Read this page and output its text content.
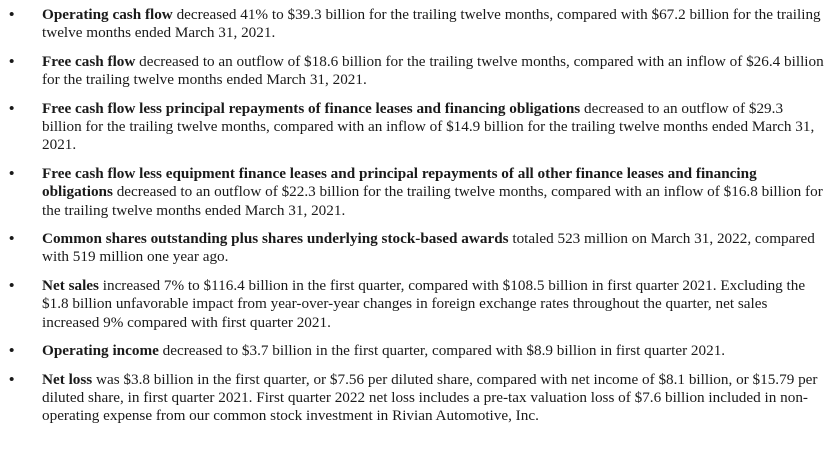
• Operating cash flow decreased 41% to $39.3 billion for the trailing twelve months, compared with $67.2 billion for the trailing twelve months ended March 31, 2021.
• Free cash flow decreased to an outflow of $18.6 billion for the trailing twelve months, compared with an inflow of $26.4 billion for the trailing twelve months ended March 31, 2021.
• Free cash flow less principal repayments of finance leases and financing obligations decreased to an outflow of $29.3 billion for the trailing twelve months, compared with an inflow of $14.9 billion for the trailing twelve months ended March 31, 2021.
• Free cash flow less equipment finance leases and principal repayments of all other finance leases and financing obligations decreased to an outflow of $22.3 billion for the trailing twelve months, compared with an inflow of $16.8 billion for the trailing twelve months ended March 31, 2021.
• Common shares outstanding plus shares underlying stock-based awards totaled 523 million on March 31, 2022, compared with 519 million one year ago.
• Net sales increased 7% to $116.4 billion in the first quarter, compared with $108.5 billion in first quarter 2021. Excluding the $1.8 billion unfavorable impact from year-over-year changes in foreign exchange rates throughout the quarter, net sales increased 9% compared with first quarter 2021.
• Operating income decreased to $3.7 billion in the first quarter, compared with $8.9 billion in first quarter 2021.
• Net loss was $3.8 billion in the first quarter, or $7.56 per diluted share, compared with net income of $8.1 billion, or $15.79 per diluted share, in first quarter 2021. First quarter 2022 net loss includes a pre-tax valuation loss of $7.6 billion included in non-operating expense from our common stock investment in Rivian Automotive, Inc.
